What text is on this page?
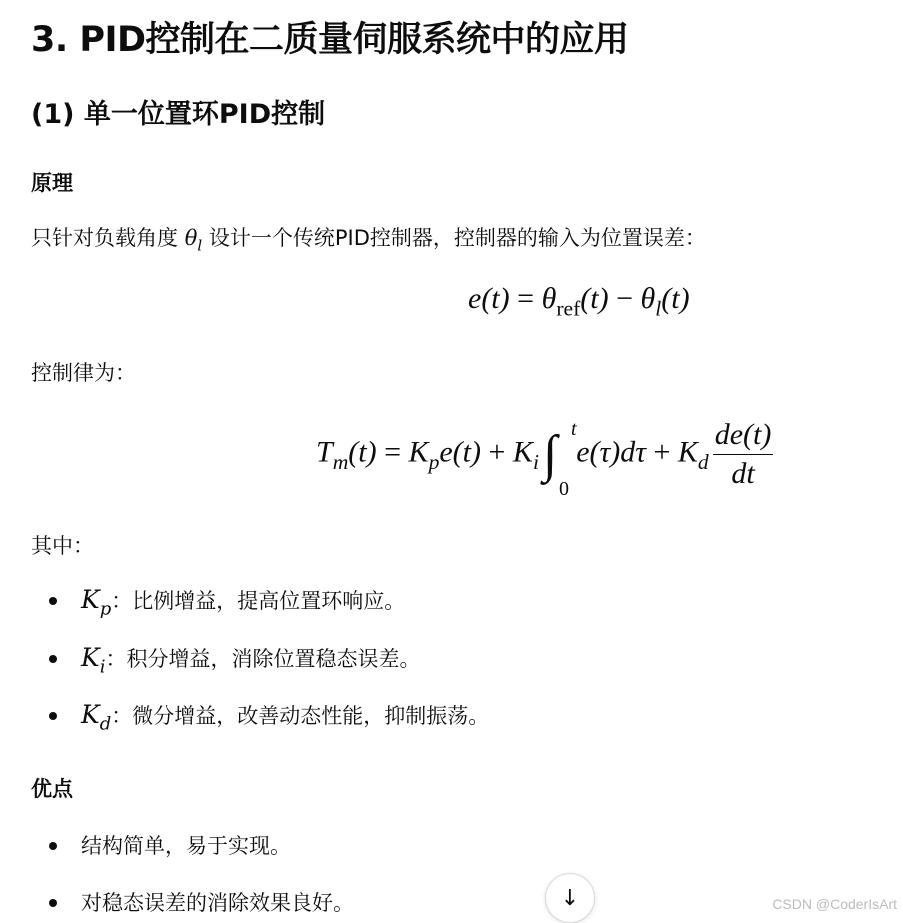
3. PID控制在二质量伺服系统中的应用
(1) 单一位置环PID控制
原理
只针对负载角度 $\theta_l$ 设计一个传统PID控制器，控制器的输入为位置误差：
$e(t) = \theta_{ref}(t) - \theta_l(t)$
控制律为：
$T_m(t) = K_pe(t) + K_i\int$ t
0
$e(\tau)d\tau + K_d \frac{de(t)}{dt}$
其中：
$K_p$：比例增益，提高位置环响应。
$K_i$：积分增益，消除位置稳态误差。
$K_d$：微分增益，改善动态性能，抑制振荡。
优点
结构简单，易于实现。
对稳态误差的消除效果良好。	↓	CSDN @CoderIsArt
